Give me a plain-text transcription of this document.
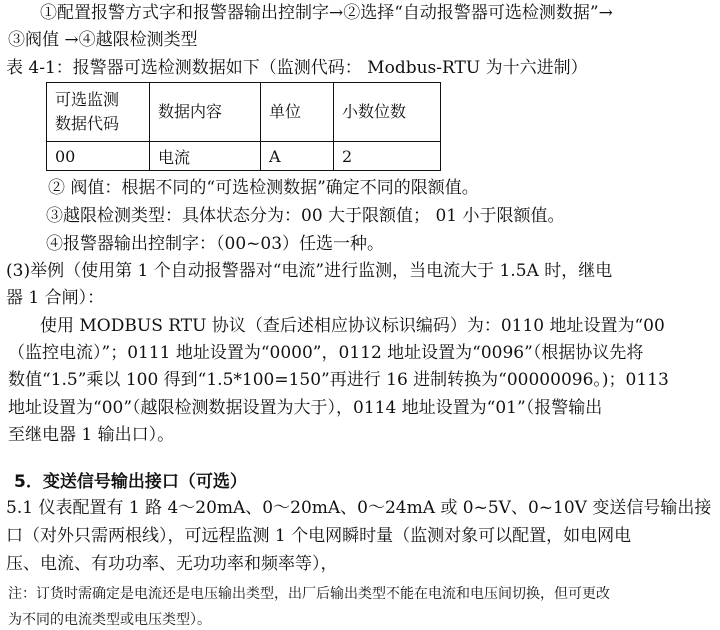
①配置报警方式字和报警器输出控制字→②选择“自动报警器可选检测数据”→
③阀值 →④越限检测类型
表 4-1：报警器可选检测数据如下（监测代码： Modbus-RTU 为十六进制）
可选监测
数据代码	数据内容	单位	小数位数
00	电流	A	2
② 阀值：根据不同的“可选检测数据”确定不同的限额值。
③越限检测类型：具体状态分为：00 大于限额值； 01 小于限额值。
④报警器输出控制字：（00~03）任选一种。
(3)举例（使用第 1 个自动报警器对“电流”进行监测，当电流大于 1.5A 时，继电
器 1 合闸）：
使用 MODBUS RTU 协议（查后述相应协议标识编码）为：0110 地址设置为“00
（监控电流）”；0111 地址设置为“0000”，0112 地址设置为“0096”（根据协议先将
数值“1.5”乘以 100 得到“1.5*100=150”再进行 16 进制转换为“00000096。)；0113
地址设置为“00”（越限检测数据设置为大于），0114 地址设置为“01”（报警输出
至继电器 1 输出口）。
5．变送信号输出接口（可选）
5.1 仪表配置有 1 路 4～20mA、0～20mA、0～24mA 或 0~5V、0~10V 变送信号输出接
口（对外只需两根线），可远程监测 1 个电网瞬时量（监测对象可以配置，如电网电
压、电流、有功功率、无功功率和频率等），
注：订货时需确定是电流还是电压输出类型，出厂后输出类型不能在电流和电压间切换，但可更改
为不同的电流类型或电压类型）。
